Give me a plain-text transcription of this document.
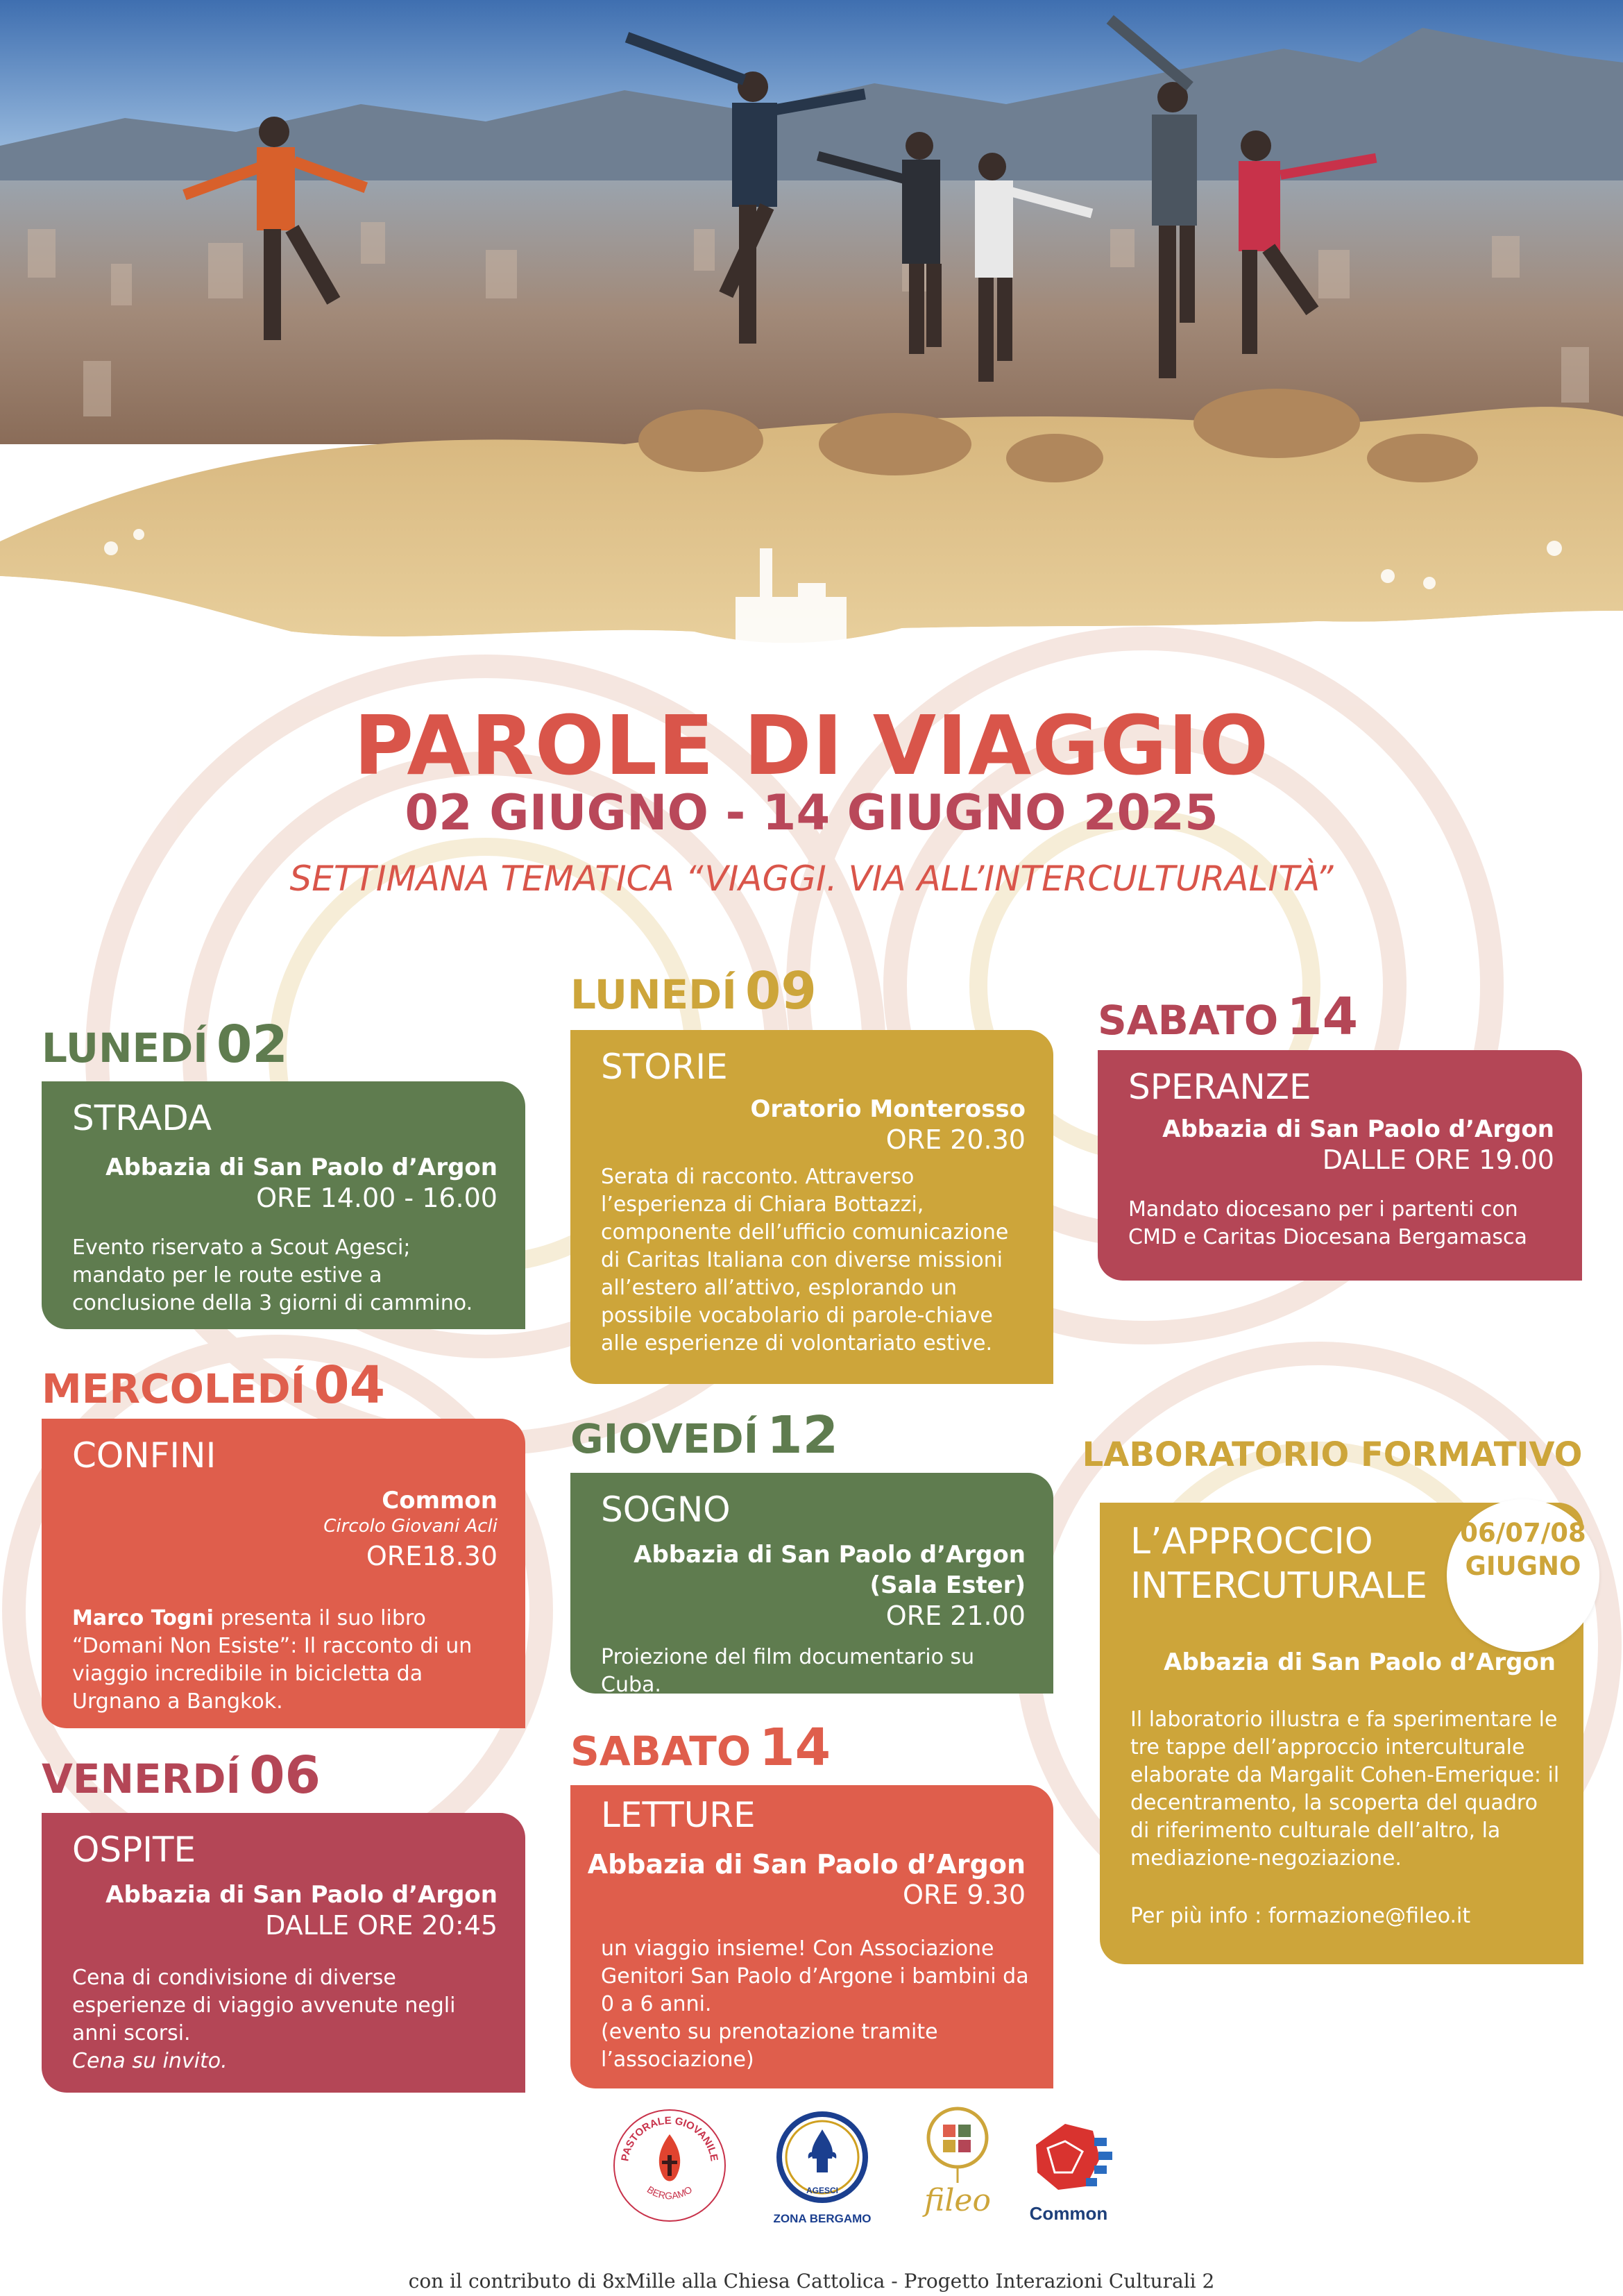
PAROLE DI VIAGGIO
02 GIUGNO - 14 GIUGNO 2025
SETTIMANA TEMATICA “VIAGGI. VIA ALL’INTERCULTURALITÀ”
LUNEDÍ 02
STRADA
Abbazia di San Paolo d’Argon
ORE 14.00 - 16.00
Evento riservato a Scout Agesci; mandato per le route estive a conclusione della 3 giorni di cammino.
MERCOLEDÍ 04
CONFINI
Common
Circolo Giovani Acli
ORE18.30
Marco Togni presenta il suo libro “Domani Non Esiste”: Il racconto di un viaggio incredibile in bicicletta da Urgnano a Bangkok.
VENERDÍ 06
OSPITE
Abbazia di San Paolo d’Argon
DALLE ORE 20:45
Cena di condivisione di diverse esperienze di viaggio avvenute negli anni scorsi.
Cena su invito.
LUNEDÍ 09
STORIE
Oratorio Monterosso
ORE 20.30
Serata di racconto. Attraverso l’esperienza di Chiara Bottazzi, componente dell’ufficio comunicazione di Caritas Italiana con diverse missioni all’estero all’attivo, esplorando un possibile vocabolario di parole-chiave alle esperienze di volontariato estive.
GIOVEDÍ 12
SOGNO
Abbazia di San Paolo d’Argon
(Sala Ester)
ORE 21.00
Proiezione del film documentario su Cuba.
SABATO 14
LETTURE
Abbazia di San Paolo d’Argon
ORE 9.30
un viaggio insieme! Con Associazione Genitori San Paolo d’Argone i bambini da 0 a 6 anni.
(evento su prenotazione tramite l’associazione)
SABATO 14
SPERANZE
Abbazia di San Paolo d’Argon
DALLE ORE 19.00
Mandato diocesano per i partenti con CMD e Caritas Diocesana Bergamasca
LABORATORIO FORMATIVO
L’APPROCCIO
INTERCUTURALE
Abbazia di San Paolo d’Argon
Il laboratorio illustra e fa sperimentare le tre tappe dell’approccio interculturale elaborate da Margalit Cohen-Emerique: il decentramento, la scoperta del quadro di riferimento culturale dell’altro, la mediazione-negoziazione.
Per più info : formazione@fileo.it
06/07/08
GIUGNO
PASTORALE GIOVANILE
BERGAMO	AGESCI
ZONA BERGAMO
fileo Common
con il contributo di 8xMille alla Chiesa Cattolica - Progetto Interazioni Culturali 2
